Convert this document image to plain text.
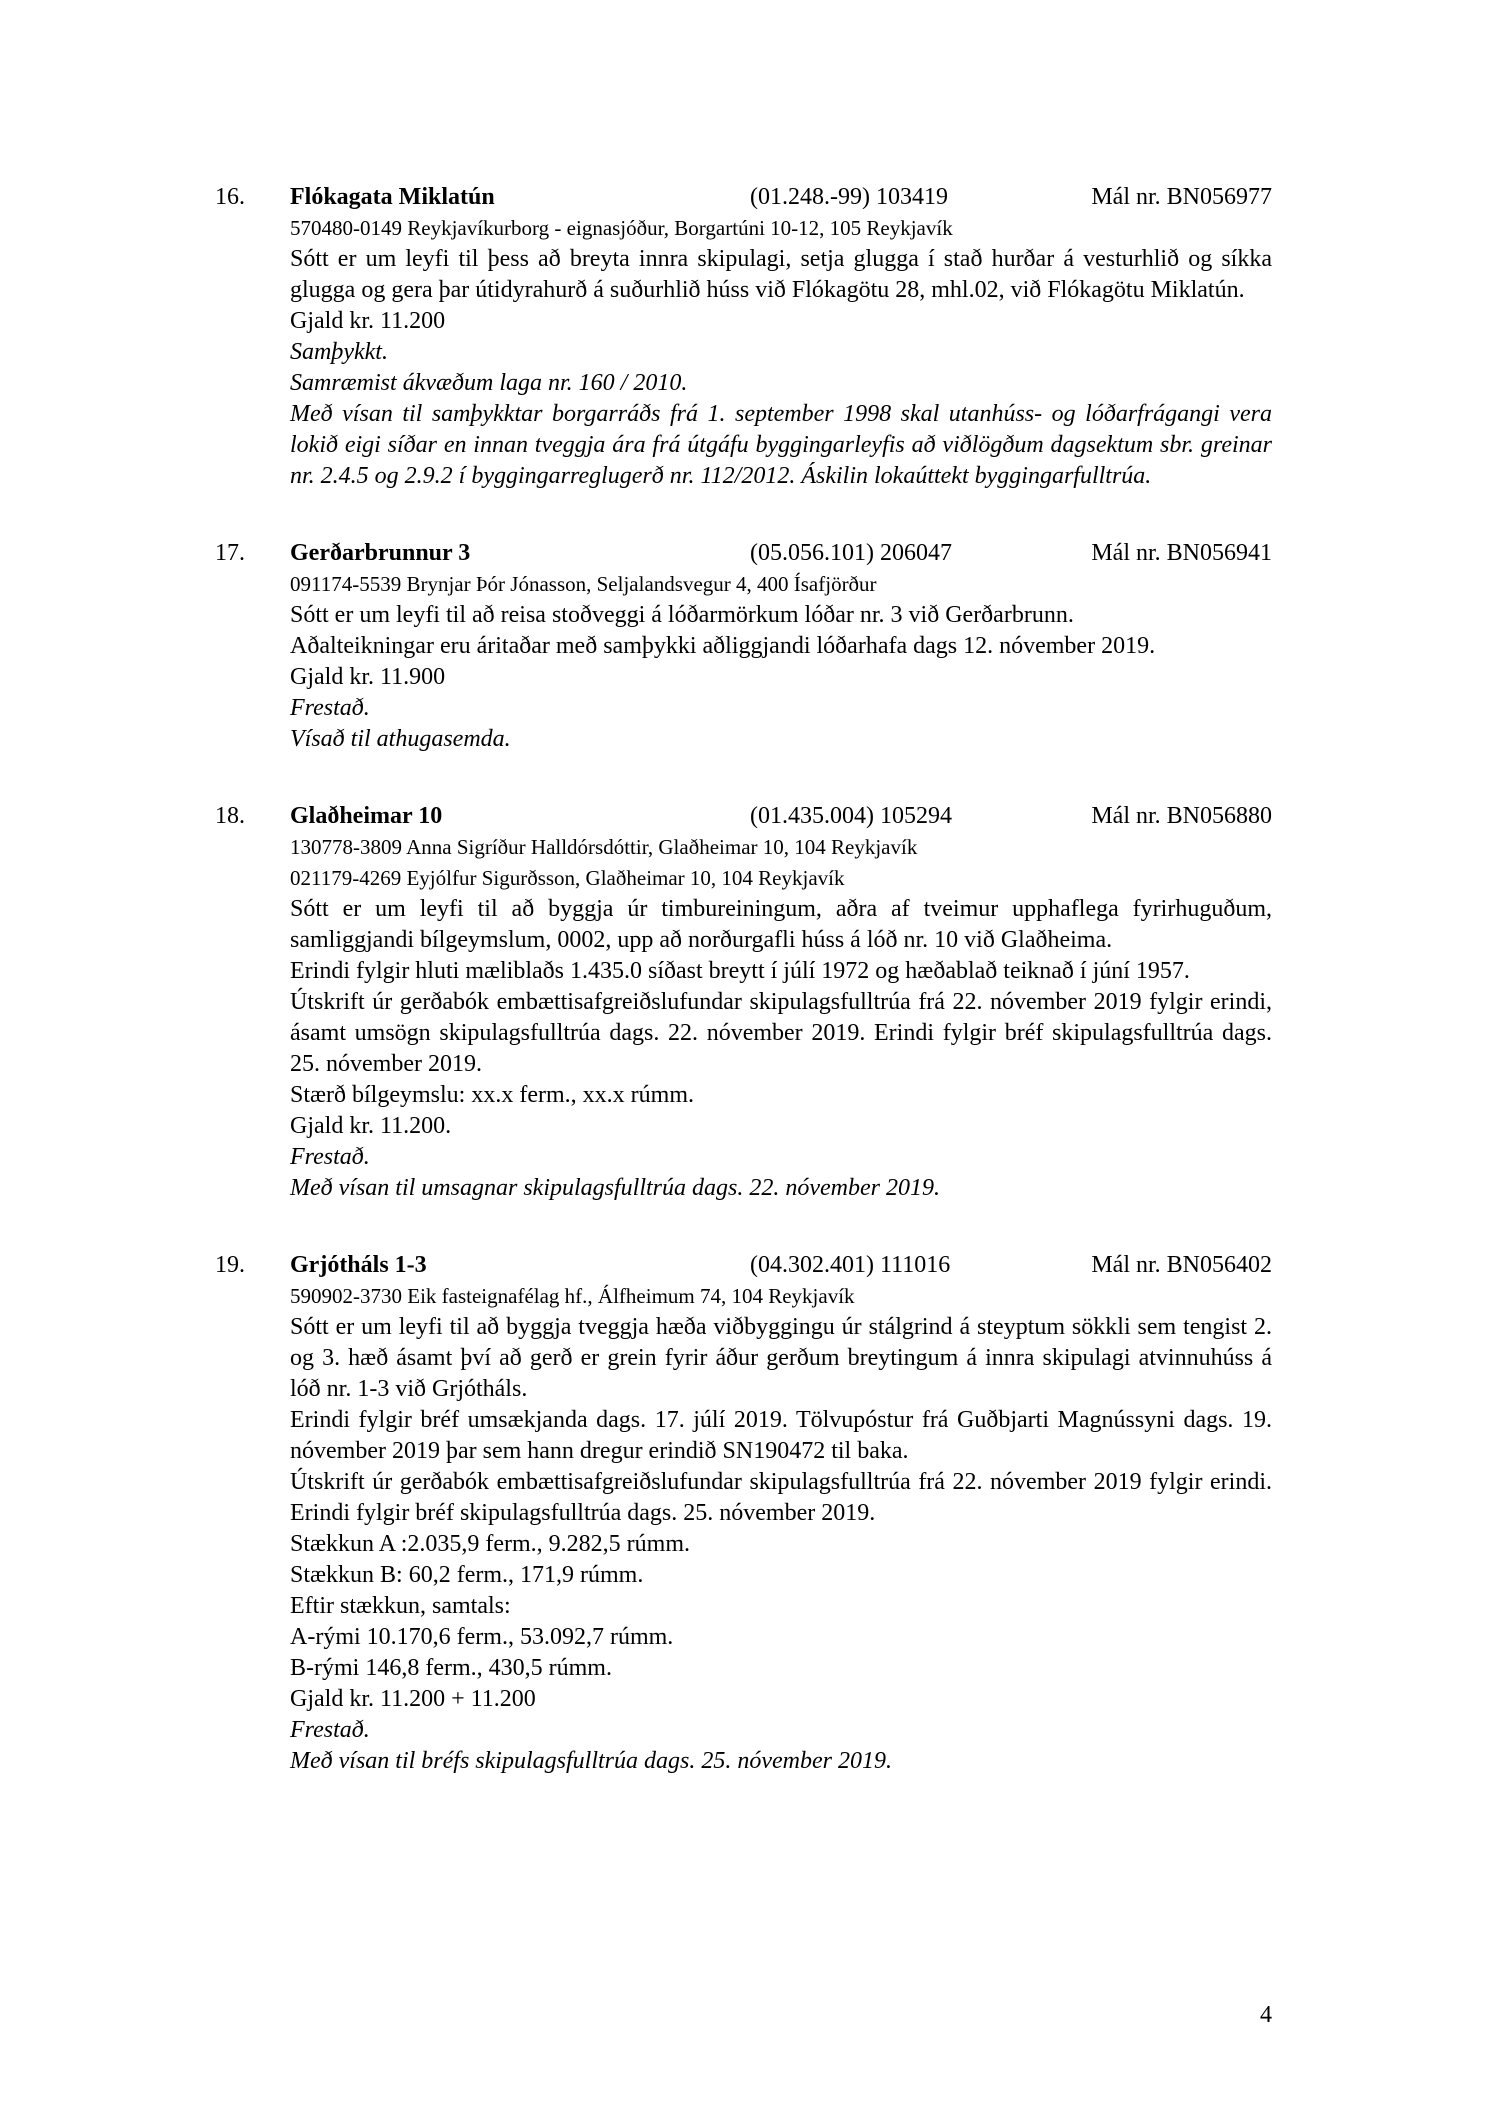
16.	Flókagata Miklatún	(01.248.-99) 103419	Mál nr. BN056977
570480-0149 Reykjavíkurborg - eignasjóður, Borgartúni 10-12, 105 Reykjavík
Sótt er um leyfi til þess að breyta innra skipulagi, setja glugga í stað hurðar á vesturhlið og síkka glugga og gera þar útidyrahurð á suðurhlið húss við Flókagötu 28, mhl.02, við Flókagötu Miklatún.
Gjald kr. 11.200
Samþykkt.
Samræmist ákvæðum laga nr. 160 / 2010.
Með vísan til samþykktar borgarráðs frá 1. september 1998 skal utanhúss- og lóðarfrágangi vera lokið eigi síðar en innan tveggja ára frá útgáfu byggingarleyfis að viðlögðum dagsektum sbr. greinar nr. 2.4.5 og 2.9.2 í byggingarreglugerð nr. 112/2012. Áskilin lokaúttekt byggingarfulltrúa.
17.	Gerðarbrunnur 3	(05.056.101) 206047	Mál nr. BN056941
091174-5539 Brynjar Þór Jónasson, Seljalandsvegur 4, 400 Ísafjörður
Sótt er um leyfi til að reisa stoðveggi á lóðarmörkum lóðar nr. 3 við Gerðarbrunn.
Aðalteikningar eru áritaðar með samþykki aðliggjandi lóðarhafa dags 12. nóvember 2019.
Gjald kr. 11.900
Frestað.
Vísað til athugasemda.
18.	Glaðheimar 10	(01.435.004) 105294	Mál nr. BN056880
130778-3809 Anna Sigríður Halldórsdóttir, Glaðheimar 10, 104 Reykjavík
021179-4269 Eyjólfur Sigurðsson, Glaðheimar 10, 104 Reykjavík
Sótt er um leyfi til að byggja úr timbureiningum, aðra af tveimur upphaflega fyrirhuguðum, samliggjandi bílgeymslum, 0002, upp að norðurgafli húss á lóð nr. 10 við Glaðheima.
Erindi fylgir hluti mæliblaðs 1.435.0 síðast breytt í júlí 1972 og hæðablað teiknað í júní 1957.
Útskrift úr gerðabók embættisafgreiðslufundar skipulagsfulltrúa frá 22. nóvember 2019 fylgir erindi, ásamt umsögn skipulagsfulltrúa dags. 22. nóvember 2019. Erindi fylgir bréf skipulagsfulltrúa dags. 25. nóvember 2019.
Stærð bílgeymslu: xx.x ferm., xx.x rúmm.
Gjald kr. 11.200.
Frestað.
Með vísan til umsagnar skipulagsfulltrúa dags. 22. nóvember 2019.
19.	Grjótháls 1-3	(04.302.401) 111016	Mál nr. BN056402
590902-3730 Eik fasteignafélag hf., Álfheimum 74, 104 Reykjavík
Sótt er um leyfi til að byggja tveggja hæða viðbyggingu úr stálgrind á steyptum sökkli sem tengist 2. og 3. hæð ásamt því að gerð er grein fyrir áður gerðum breytingum á innra skipulagi atvinnuhúss á lóð nr. 1-3 við Grjótháls.
Erindi fylgir bréf umsækjanda dags. 17. júlí 2019. Tölvupóstur frá Guðbjarti Magnússyni dags. 19. nóvember 2019 þar sem hann dregur erindið SN190472 til baka.
Útskrift úr gerðabók embættisafgreiðslufundar skipulagsfulltrúa frá 22. nóvember 2019 fylgir erindi. Erindi fylgir bréf skipulagsfulltrúa dags. 25. nóvember 2019.
Stækkun A :2.035,9 ferm., 9.282,5 rúmm.
Stækkun B: 60,2 ferm., 171,9 rúmm.
Eftir stækkun, samtals:
A-rými 10.170,6 ferm., 53.092,7 rúmm.
B-rými 146,8 ferm., 430,5 rúmm.
Gjald kr. 11.200 + 11.200
Frestað.
Með vísan til bréfs skipulagsfulltrúa dags. 25. nóvember 2019.
4
